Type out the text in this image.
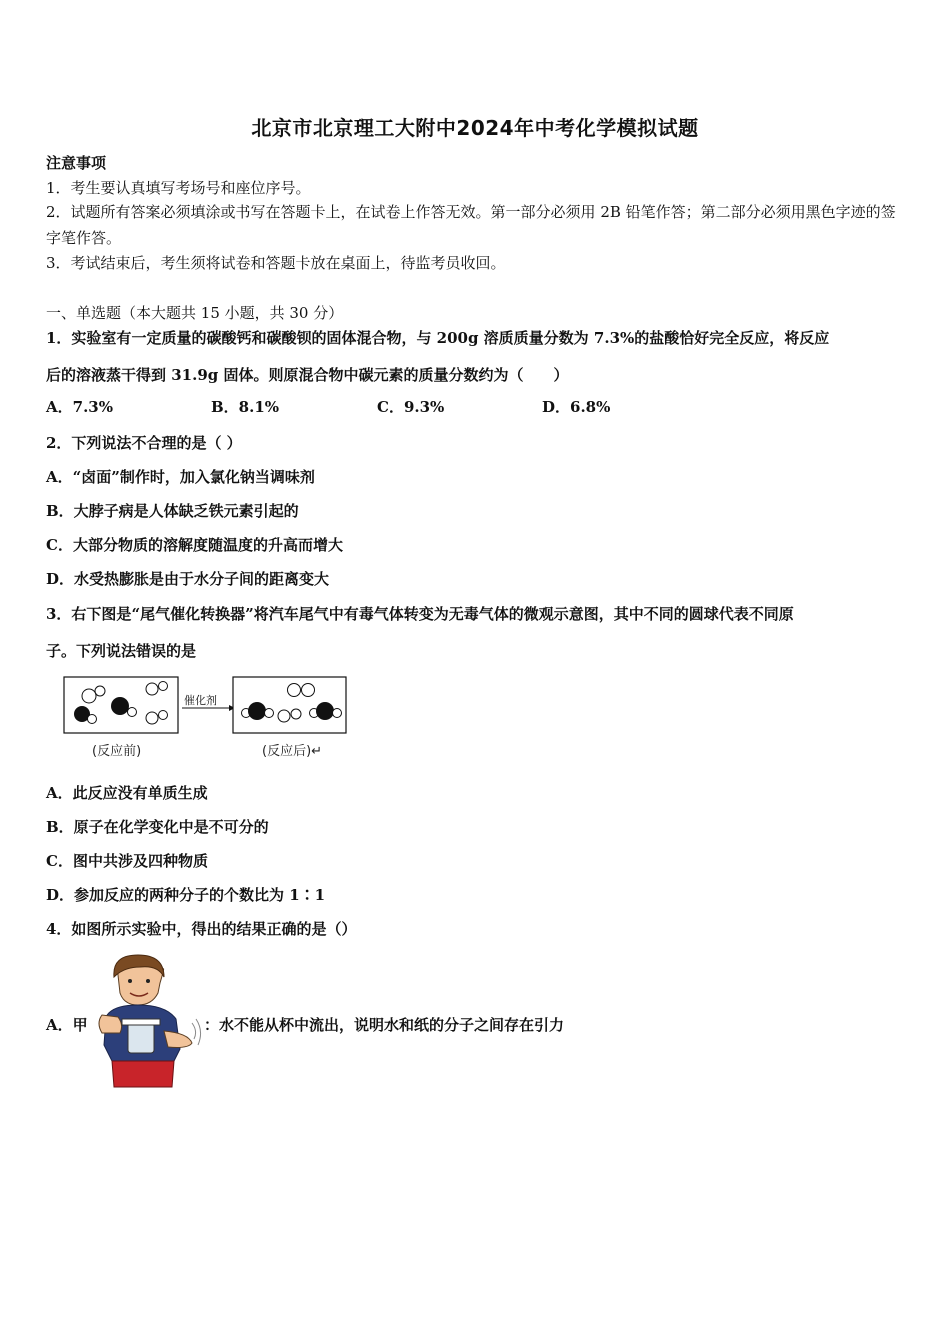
北京市北京理工大附中2024年中考化学模拟试题
注意事项
1．考生要认真填写考场号和座位序号。
2．试题所有答案必须填涂或书写在答题卡上，在试卷上作答无效。第一部分必须用 2B 铅笔作答；第二部分必须用黑色字迹的签字笔作答。
3．考试结束后，考生须将试卷和答题卡放在桌面上，待监考员收回。
一、单选题（本大题共 15 小题，共 30 分）
1．实验室有一定质量的碳酸钙和碳酸钡的固体混合物，与 200g 溶质质量分数为 7.3%的盐酸恰好完全反应，将反应
后的溶液蒸干得到 31.9g 固体。则原混合物中碳元素的质量分数约为（　　）
A．7.3%	B．8.1%	C．9.3%	D．6.8%
2．下列说法不合理的是（ ）
A．“卤面”制作时，加入氯化钠当调味剂
B．大脖子病是人体缺乏铁元素引起的
C．大部分物质的溶解度随温度的升高而增大
D．水受热膨胀是由于水分子间的距离变大
3．右下图是“尾气催化转换器”将汽车尾气中有毒气体转变为无毒气体的微观示意图，其中不同的圆球代表不同原
子。下列说法错误的是
催化剂
(反应前)	(反应后)↵
A．此反应没有单质生成
B．原子在化学变化中是不可分的
C．图中共涉及四种物质
D．参加反应的两种分子的个数比为 1∶1
4．如图所示实验中，得出的结果正确的是（）
A．甲	：水不能从杯中流出，说明水和纸的分子之间存在引力
